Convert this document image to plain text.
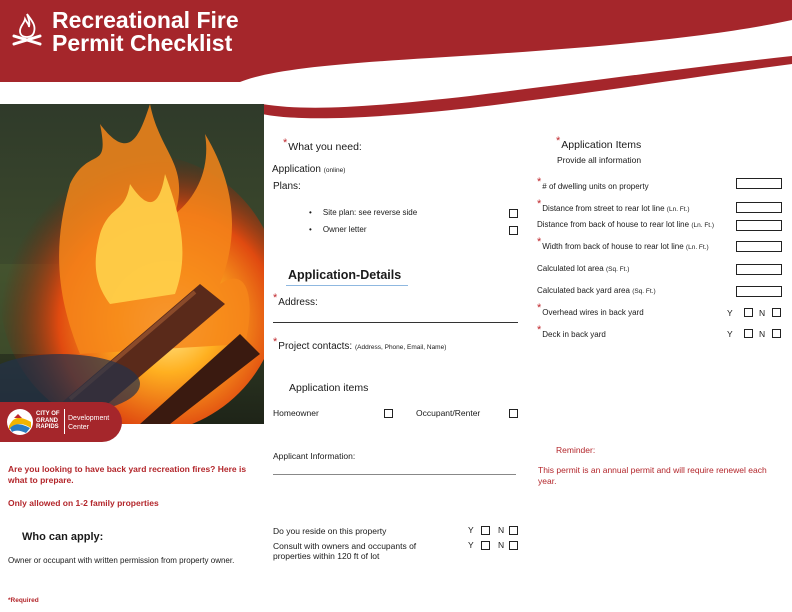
Recreational Fire
Permit Checklist
CITY OF
GRAND
RAPIDS
Development
Center
Are you looking to have back yard recreation fires? Here is what to prepare.
Only allowed on 1-2 family properties
Who can apply:
Owner or occupant with written permission from property owner.
*Required
*What you need:
Application (online)
Plans:
•     Site plan: see reverse side
•     Owner letter
Application-Details
*Address:
*Project contacts: (Address, Phone, Email, Name)
Application items
Homeowner	Occupant/Renter
Applicant Information:
Do you reside on this property	Y	N
Consult with owners and occupants of
properties within 120 ft of lot
Y	N
*Application Items
Provide all information
*# of dwelling units on property
*Distance from street to rear lot line (Ln. Ft.)
Distance from back of house to rear lot line (Ln. Ft.)
*Width from back of house to rear lot line (Ln. Ft.)
Calculated lot area (Sq. Ft.)
Calculated back yard area (Sq. Ft.)
*Overhead wires in back yard	Y	N
*Deck in back yard	Y	N
Reminder:
This permit is an annual permit and will require renewel each year.
